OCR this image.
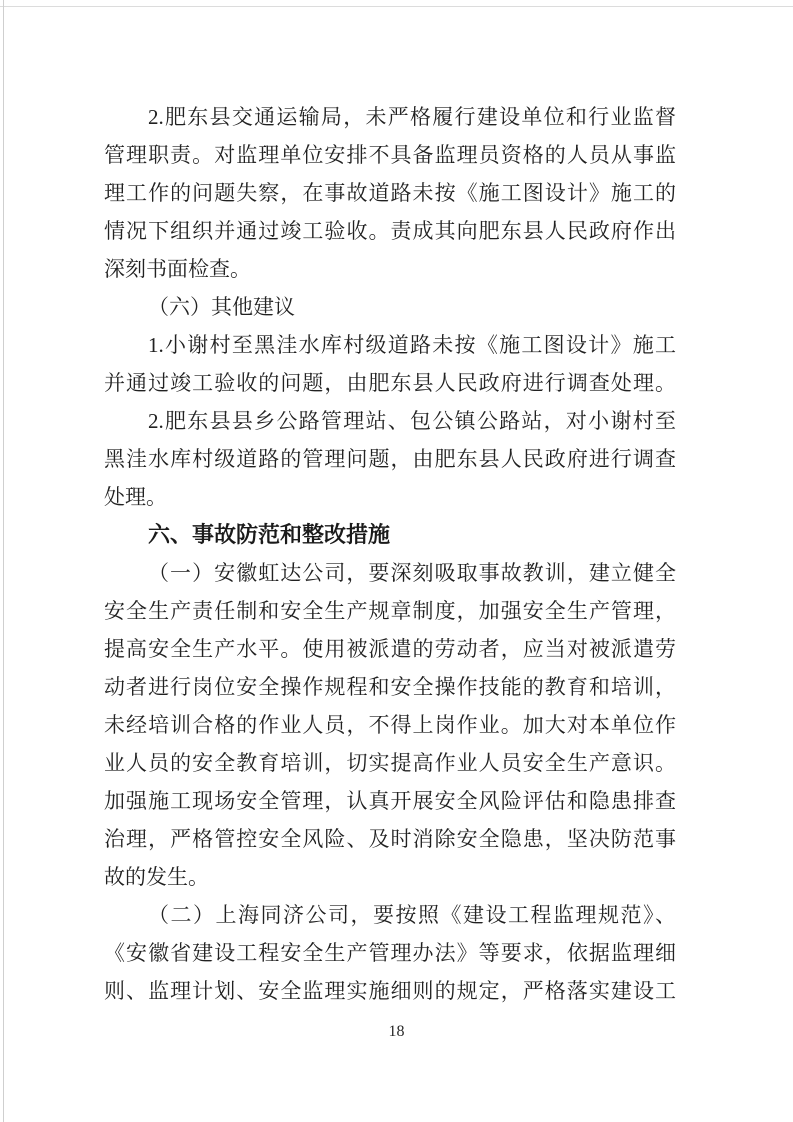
2.肥东县交通运输局，未严格履行建设单位和行业监督
管理职责。对监理单位安排不具备监理员资格的人员从事监
理工作的问题失察，在事故道路未按《施工图设计》施工的
情况下组织并通过竣工验收。责成其向肥东县人民政府作出
深刻书面检查。
（六）其他建议
1.小谢村至黑洼水库村级道路未按《施工图设计》施工
并通过竣工验收的问题，由肥东县人民政府进行调查处理。
2.肥东县县乡公路管理站、包公镇公路站，对小谢村至
黑洼水库村级道路的管理问题，由肥东县人民政府进行调查
处理。
六、事故防范和整改措施
（一）安徽虹达公司，要深刻吸取事故教训，建立健全
安全生产责任制和安全生产规章制度，加强安全生产管理，
提高安全生产水平。使用被派遣的劳动者，应当对被派遣劳
动者进行岗位安全操作规程和安全操作技能的教育和培训，
未经培训合格的作业人员，不得上岗作业。加大对本单位作
业人员的安全教育培训，切实提高作业人员安全生产意识。
加强施工现场安全管理，认真开展安全风险评估和隐患排查
治理，严格管控安全风险、及时消除安全隐患，坚决防范事
故的发生。
（二）上海同济公司，要按照《建设工程监理规范》、
《安徽省建设工程安全生产管理办法》等要求，依据监理细
则、监理计划、安全监理实施细则的规定，严格落实建设工
18
